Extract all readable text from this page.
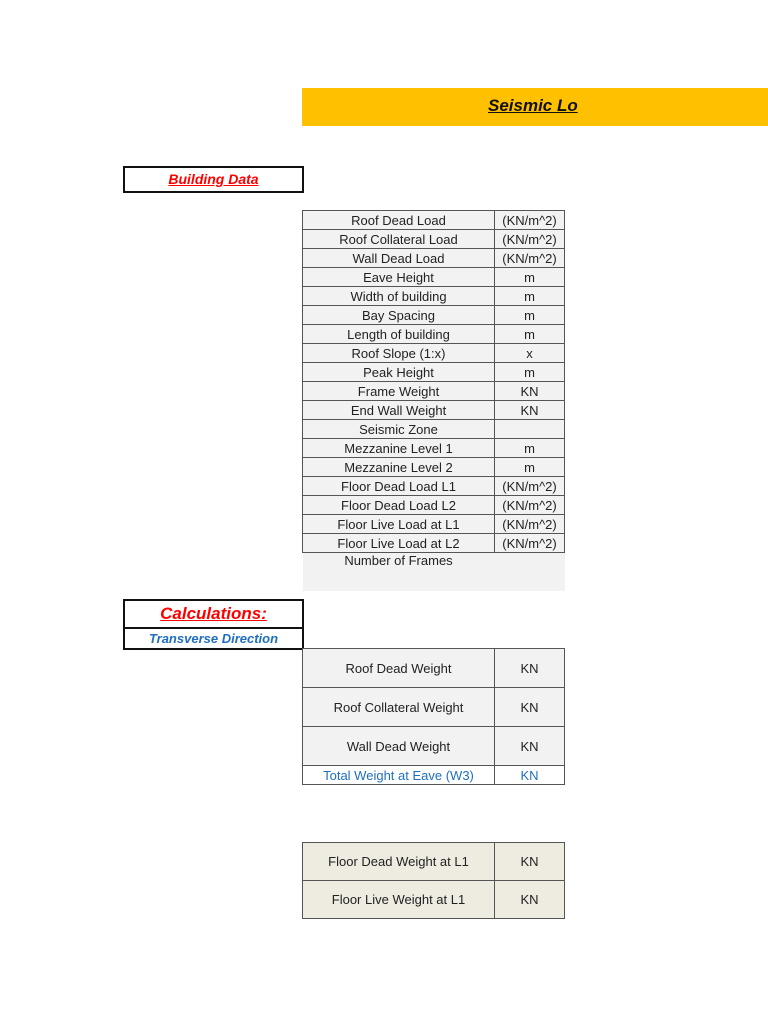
Seismic Lo
Building Data
Roof Dead Load	(KN/m^2)
Roof Collateral Load	(KN/m^2)
Wall Dead Load	(KN/m^2)
Eave Height	m
Width of building	m
Bay Spacing	m
Length of building	m
Roof Slope (1:x)	x
Peak Height	m
Frame Weight	KN
End Wall Weight	KN
Seismic Zone	
Mezzanine Level 1	m
Mezzanine Level 2	m
Floor Dead Load L1	(KN/m^2)
Floor Dead Load L2	(KN/m^2)
Floor Live Load at L1	(KN/m^2)
Floor Live Load at L2	(KN/m^2)
Number of Frames	
Calculations:
Transverse Direction
Roof Dead Weight	KN
Roof Collateral Weight	KN
Wall Dead Weight	KN
Total Weight at Eave (W3)	KN
Floor Dead Weight at L1	KN
Floor Live Weight at L1	KN
